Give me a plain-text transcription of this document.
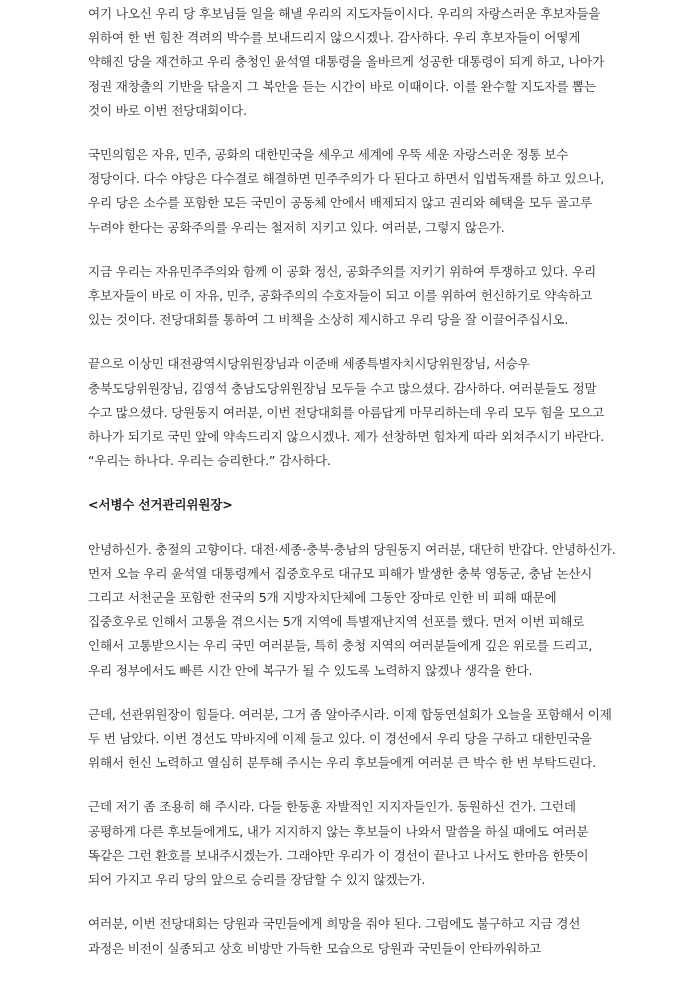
여기 나오신 우리 당 후보님들 일을 해낼 우리의 지도자들이시다. 우리의 자랑스러운 후보자들을 위하여 한 번 힘찬 격려의 박수를 보내드리지 않으시겠나. 감사하다. 우리 후보자들이 어떻게 약해진 당을 재건하고 우리 충청인 윤석열 대통령을 올바르게 성공한 대통령이 되게 하고, 나아가 정권 재창출의 기반을 닦을지 그 복안을 듣는 시간이 바로 이때이다. 이를 완수할 지도자를 뽑는 것이 바로 이번 전당대회이다.

국민의힘은 자유, 민주, 공화의 대한민국을 세우고 세계에 우뚝 세운 자랑스러운 정통 보수 정당이다. 다수 야당은 다수결로 해결하면 민주주의가 다 된다고 하면서 입법독재를 하고 있으나, 우리 당은 소수를 포함한 모든 국민이 공동체 안에서 배제되지 않고 권리와 혜택을 모두 골고루 누려야 한다는 공화주의를 우리는 철저히 지키고 있다. 여러분, 그렇지 않은가.

지금 우리는 자유민주주의와 함께 이 공화 정신, 공화주의를 지키기 위하여 투쟁하고 있다. 우리 후보자들이 바로 이 자유, 민주, 공화주의의 수호자들이 되고 이를 위하여 헌신하기로 약속하고 있는 것이다. 전당대회를 통하여 그 비책을 소상히 제시하고 우리 당을 잘 이끌어주십시오.

끝으로 이상민 대전광역시당위원장님과 이준배 세종특별자치시당위원장님, 서승우 충북도당위원장님, 김영석 충남도당위원장님 모두들 수고 많으셨다. 감사하다. 여러분들도 정말 수고 많으셨다. 당원동지 여러분, 이번 전당대회를 아름답게 마무리하는데 우리 모두 힘을 모으고 하나가 되기로 국민 앞에 약속드리지 않으시겠나. 제가 선창하면 힘차게 따라 외쳐주시기 바란다. “우리는 하나다. 우리는 승리한다.” 감사하다.

<서병수 선거관리위원장>

안녕하신가. 충절의 고향이다. 대전·세종·충북·충남의 당원동지 여러분, 대단히 반갑다. 안녕하신가. 먼저 오늘 우리 윤석열 대통령께서 집중호우로 대규모 피해가 발생한 충북 영동군, 충남 논산시 그리고 서천군을 포함한 전국의 5개 지방자치단체에 그동안 장마로 인한 비 피해 때문에 집중호우로 인해서 고통을 겪으시는 5개 지역에 특별재난지역 선포를 했다. 먼저 이번 피해로 인해서 고통받으시는 우리 국민 여러분들, 특히 충청 지역의 여러분들에게 깊은 위로를 드리고, 우리 정부에서도 빠른 시간 안에 복구가 될 수 있도록 노력하지 않겠나 생각을 한다.

근데, 선관위원장이 힘들다. 여러분, 그거 좀 알아주시라. 이제 합동연설회가 오늘을 포함해서 이제 두 번 남았다. 이번 경선도 막바지에 이제 들고 있다. 이 경선에서 우리 당을 구하고 대한민국을 위해서 헌신 노력하고 열심히 분투해 주시는 우리 후보들에게 여러분 큰 박수 한 번 부탁드린다.

근데 저기 좀 조용히 해 주시라. 다들 한동훈 자발적인 지지자들인가. 동원하신 건가. 그런데 공평하게 다른 후보들에게도, 내가 지지하지 않는 후보들이 나와서 말씀을 하실 때에도 여러분 똑같은 그런 환호를 보내주시겠는가. 그래야만 우리가 이 경선이 끝나고 나서도 한마음 한뜻이 되어 가지고 우리 당의 앞으로 승리를 장담할 수 있지 않겠는가.

여러분, 이번 전당대회는 당원과 국민들에게 희망을 줘야 된다. 그럼에도 불구하고 지금 경선 과정은 비전이 실종되고 상호 비방만 가득한 모습으로 당원과 국민들이 안타까워하고
